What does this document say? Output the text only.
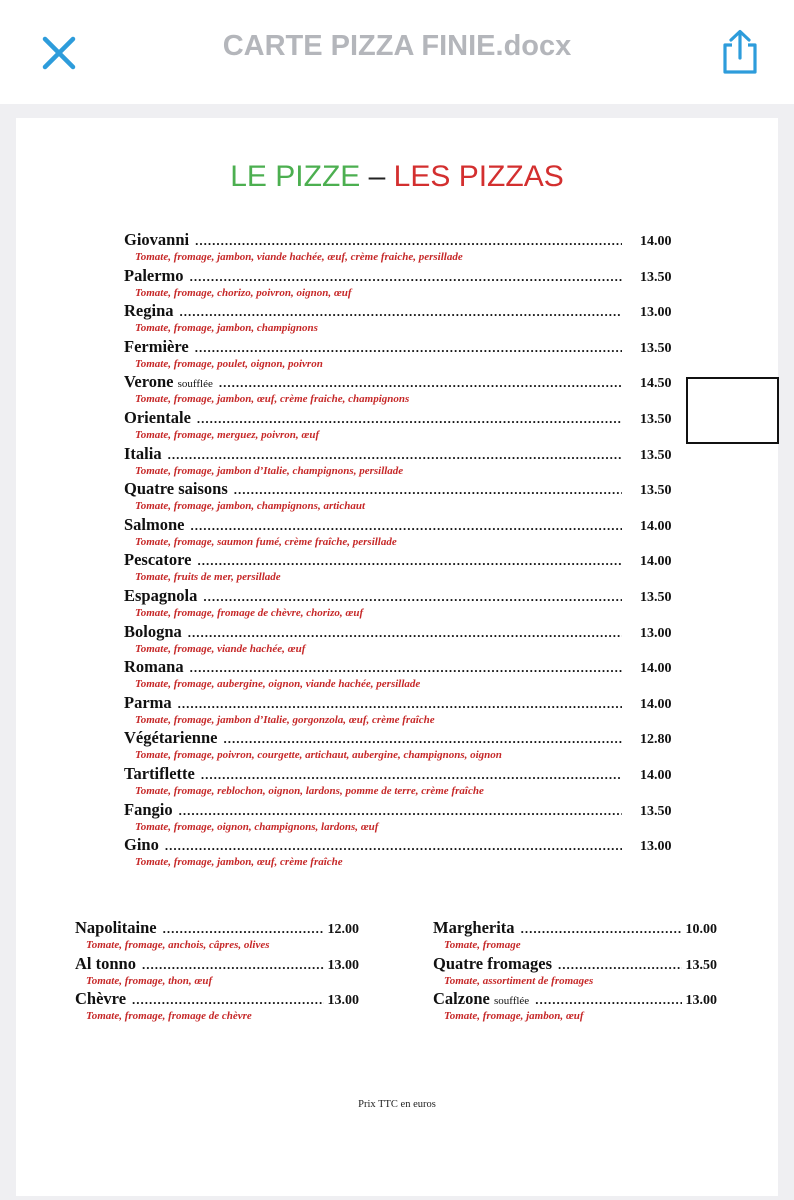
CARTE PIZZA FINIE.docx
LE PIZZE – LES PIZZAS
Giovanni .....	14.00
Tomate, fromage, jambon, viande hachée, œuf, crème fraiche, persillade
Palermo .....	13.50
Tomate, fromage, chorizo, poivron, oignon, œuf
Regina .....	13.00
Tomate, fromage, jambon, champignons
Fermière .....	13.50
Tomate, fromage, poulet, oignon, poivron
Verone soufflée .....	14.50
Tomate, fromage, jambon, œuf, crème fraiche, champignons
Orientale .....	13.50
Tomate, fromage, merguez, poivron, œuf
Italia .....	13.50
Tomate, fromage, jambon d’Italie, champignons, persillade
Quatre saisons .....	13.50
Tomate, fromage, jambon, champignons, artichaut
Salmone .....	14.00
Tomate, fromage, saumon fumé, crème fraîche, persillade
Pescatore .....	14.00
Tomate, fruits de mer, persillade
Espagnola .....	13.50
Tomate, fromage, fromage de chèvre, chorizo, œuf
Bologna .....	13.00
Tomate, fromage, viande hachée, œuf
Romana .....	14.00
Tomate, fromage, aubergine, oignon, viande hachée, persillade
Parma .....	14.00
Tomate, fromage, jambon d’Italie, gorgonzola, œuf, crème fraîche
Végétarienne .....	12.80
Tomate, fromage, poivron, courgette, artichaut, aubergine, champignons, oignon
Tartiflette .....	14.00
Tomate, fromage, reblochon, oignon, lardons, pomme de terre, crème fraîche
Fangio .....	13.50
Tomate, fromage, oignon, champignons, lardons, œuf
Gino .....	13.00
Tomate, fromage, jambon, œuf, crème fraîche
Napolitaine .....	12.00
Tomate, fromage, anchois, câpres, olives
Al tonno .....	13.00
Tomate, fromage, thon, œuf
Chèvre .....	13.00
Tomate, fromage, fromage de chèvre
Margherita .....	10.00
Tomate, fromage
Quatre fromages .....	13.50
Tomate, assortiment de fromages
Calzone soufflée .....	13.00
Tomate, fromage, jambon, œuf
Prix TTC en euros
